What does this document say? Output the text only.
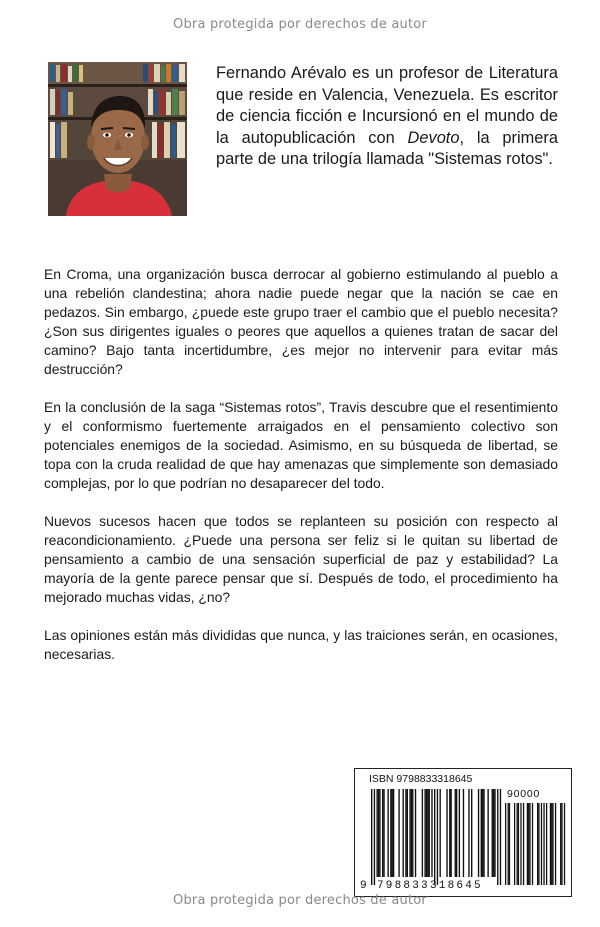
Obra protegida por derechos de autor

Fernando Arévalo es un profesor de Literatura que reside en Valencia, Venezuela. Es escritor de ciencia ficción e Incursionó en el mundo de la autopublicación con Devoto, la primera parte de una trilogía llamada "Sistemas rotos".

En Croma, una organización busca derrocar al gobierno estimulando al pueblo a una rebelión clandestina; ahora nadie puede negar que la nación se cae en pedazos. Sin embargo, ¿puede este grupo traer el cambio que el pueblo necesita? ¿Son sus dirigentes iguales o peores que aquellos a quienes tratan de sacar del camino? Bajo tanta incertidumbre, ¿es mejor no intervenir para evitar más destrucción?

En la conclusión de la saga “Sistemas rotos”, Travis descubre que el resentimiento y el conformismo fuertemente arraigados en el pensamiento colectivo son potenciales enemigos de la sociedad. Asimismo, en su búsqueda de libertad, se topa con la cruda realidad de que hay amenazas que simplemente son demasiado complejas, por lo que podrían no desaparecer del todo.

Nuevos sucesos hacen que todos se replanteen su posición con respecto al reacondicionamiento. ¿Puede una persona ser feliz si le quitan su libertad de pensamiento a cambio de una sensación superficial de paz y estabilidad? La mayoría de la gente parece pensar que sí. Después de todo, el procedimiento ha mejorado muchas vidas, ¿no?

Las opiniones están más divididas que nunca, y las traiciones serán, en ocasiones, necesarias.

ISBN 9798833318645
90000
9 798833 318645
Obra protegida por derechos de autor
